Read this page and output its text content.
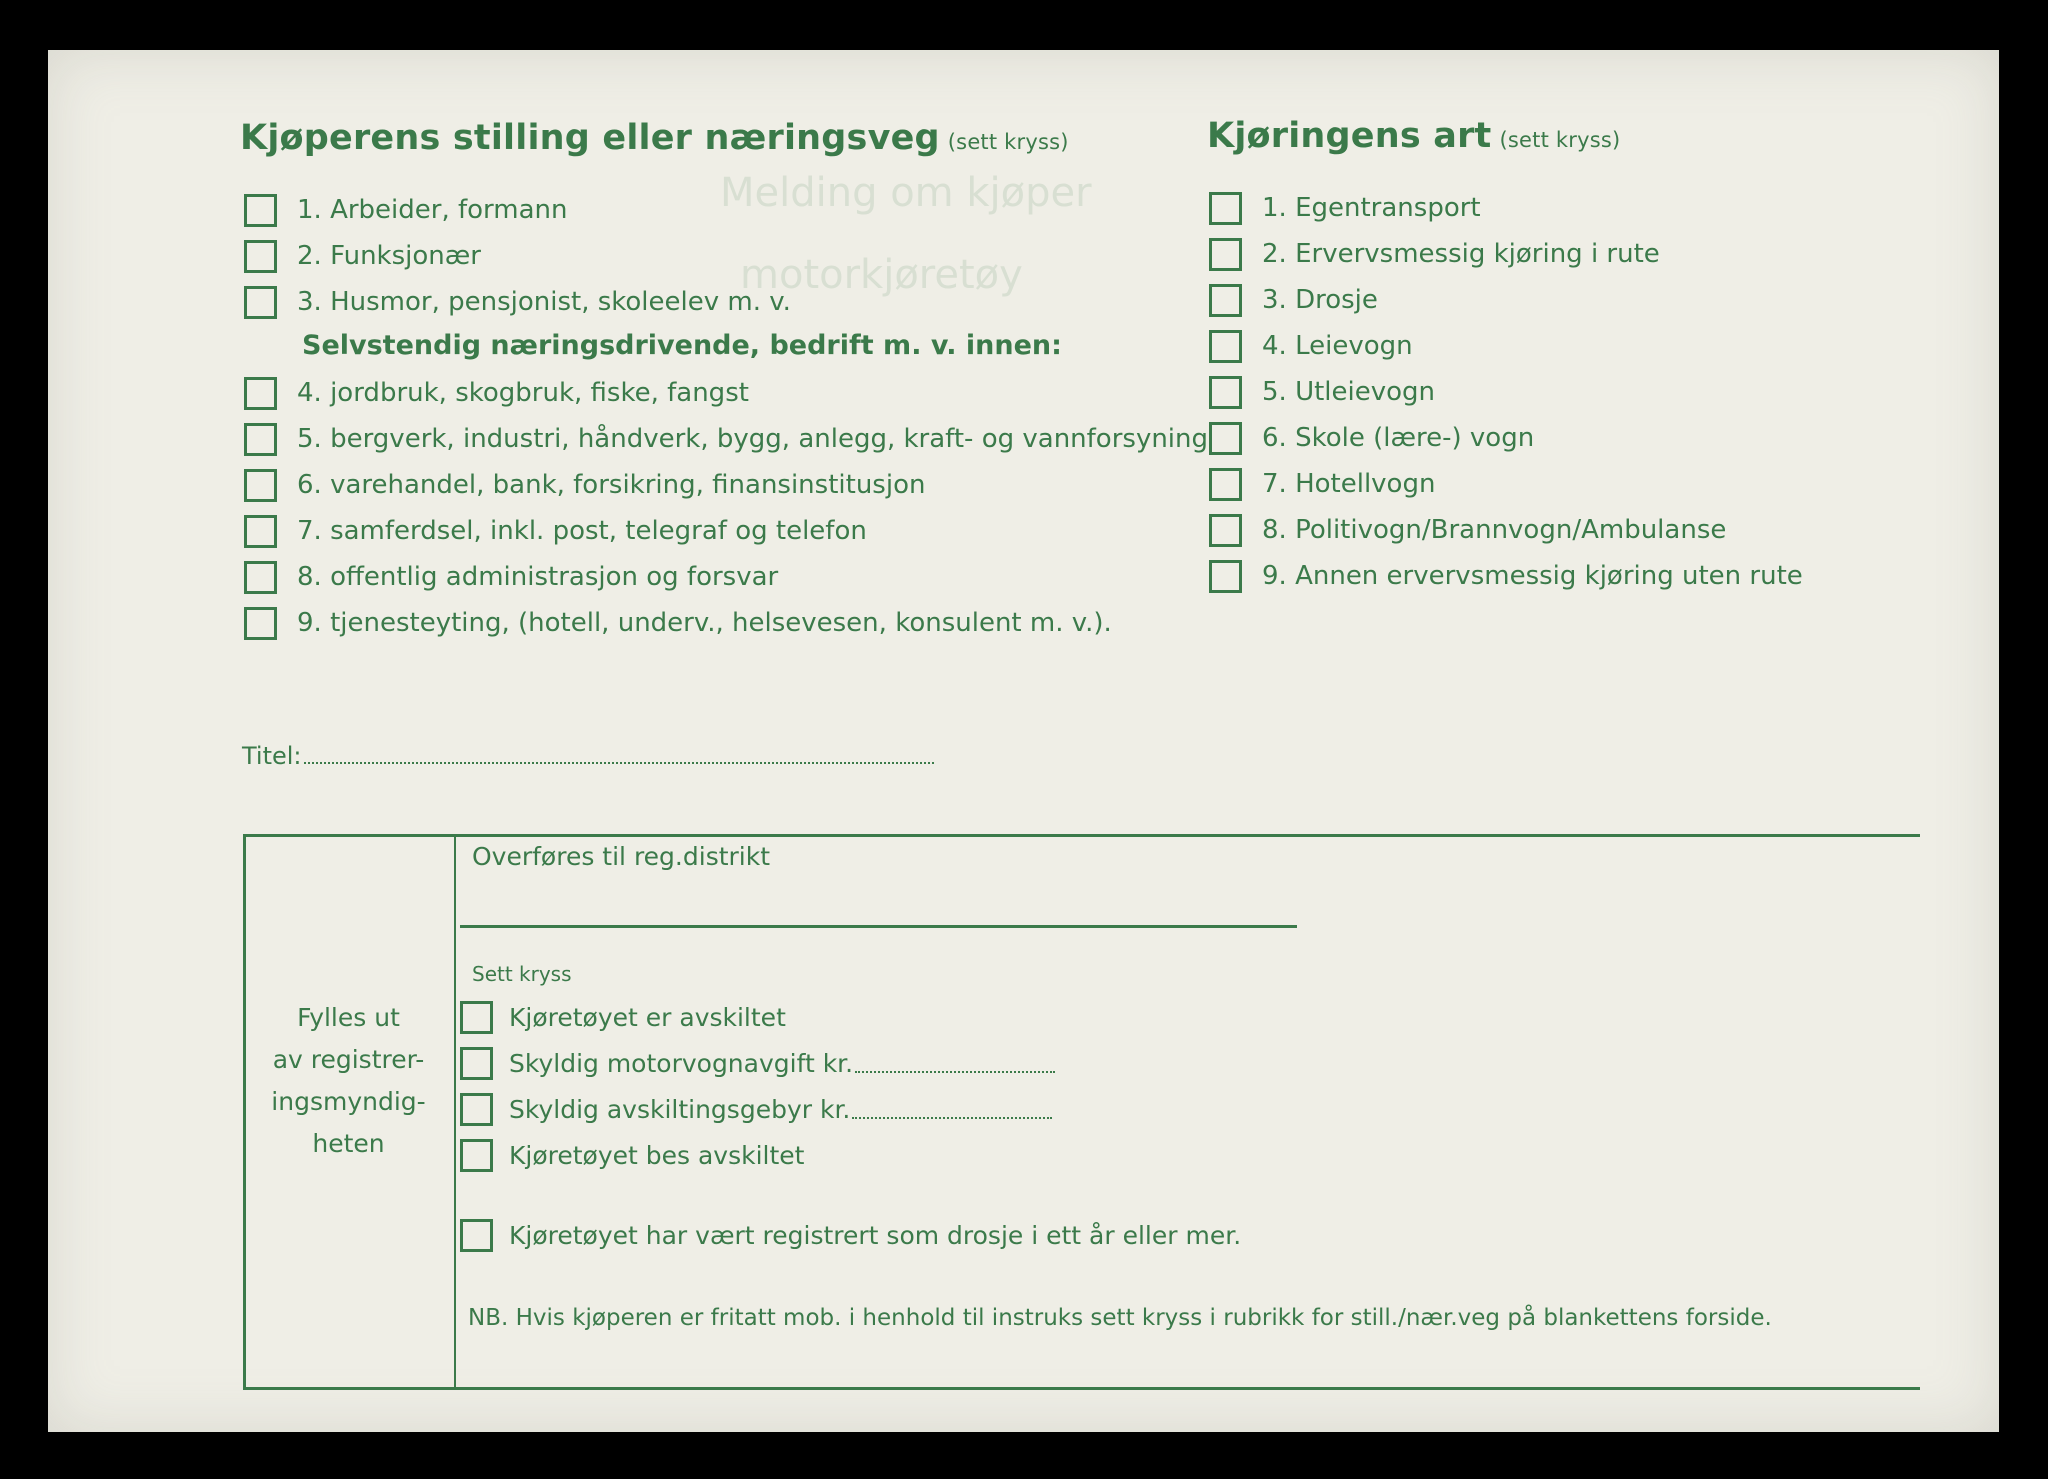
Melding om kjøper
motorkjøretøy
Kjøperens stilling eller næringsveg (sett kryss)
1. Arbeider, formann
2. Funksjonær
3. Husmor, pensjonist, skoleelev m. v.
Selvstendig næringsdrivende, bedrift m. v. innen:
4. jordbruk, skogbruk, fiske, fangst
5. bergverk, industri, håndverk, bygg, anlegg, kraft- og vannforsyning
6. varehandel, bank, forsikring, finansinstitusjon
7. samferdsel, inkl. post, telegraf og telefon
8. offentlig administrasjon og forsvar
9. tjenesteyting, (hotell, underv., helsevesen, konsulent m. v.).
Kjøringens art (sett kryss)
1. Egentransport
2. Ervervsmessig kjøring i rute
3. Drosje
4. Leievogn
5. Utleievogn
6. Skole (lære-) vogn
7. Hotellvogn
8. Politivogn/Brannvogn/Ambulanse
9. Annen ervervsmessig kjøring uten rute
Titel:
Fylles ut
av registrer-
ingsmyndig-
heten
Overføres til reg.distrikt
Sett kryss
Kjøretøyet er avskiltet
Skyldig motorvognavgift kr.
Skyldig avskiltingsgebyr kr.
Kjøretøyet bes avskiltet
Kjøretøyet har vært registrert som drosje i ett år eller mer.
NB. Hvis kjøperen er fritatt mob. i henhold til instruks sett kryss i rubrikk for still./nær.veg på blankettens forside.
